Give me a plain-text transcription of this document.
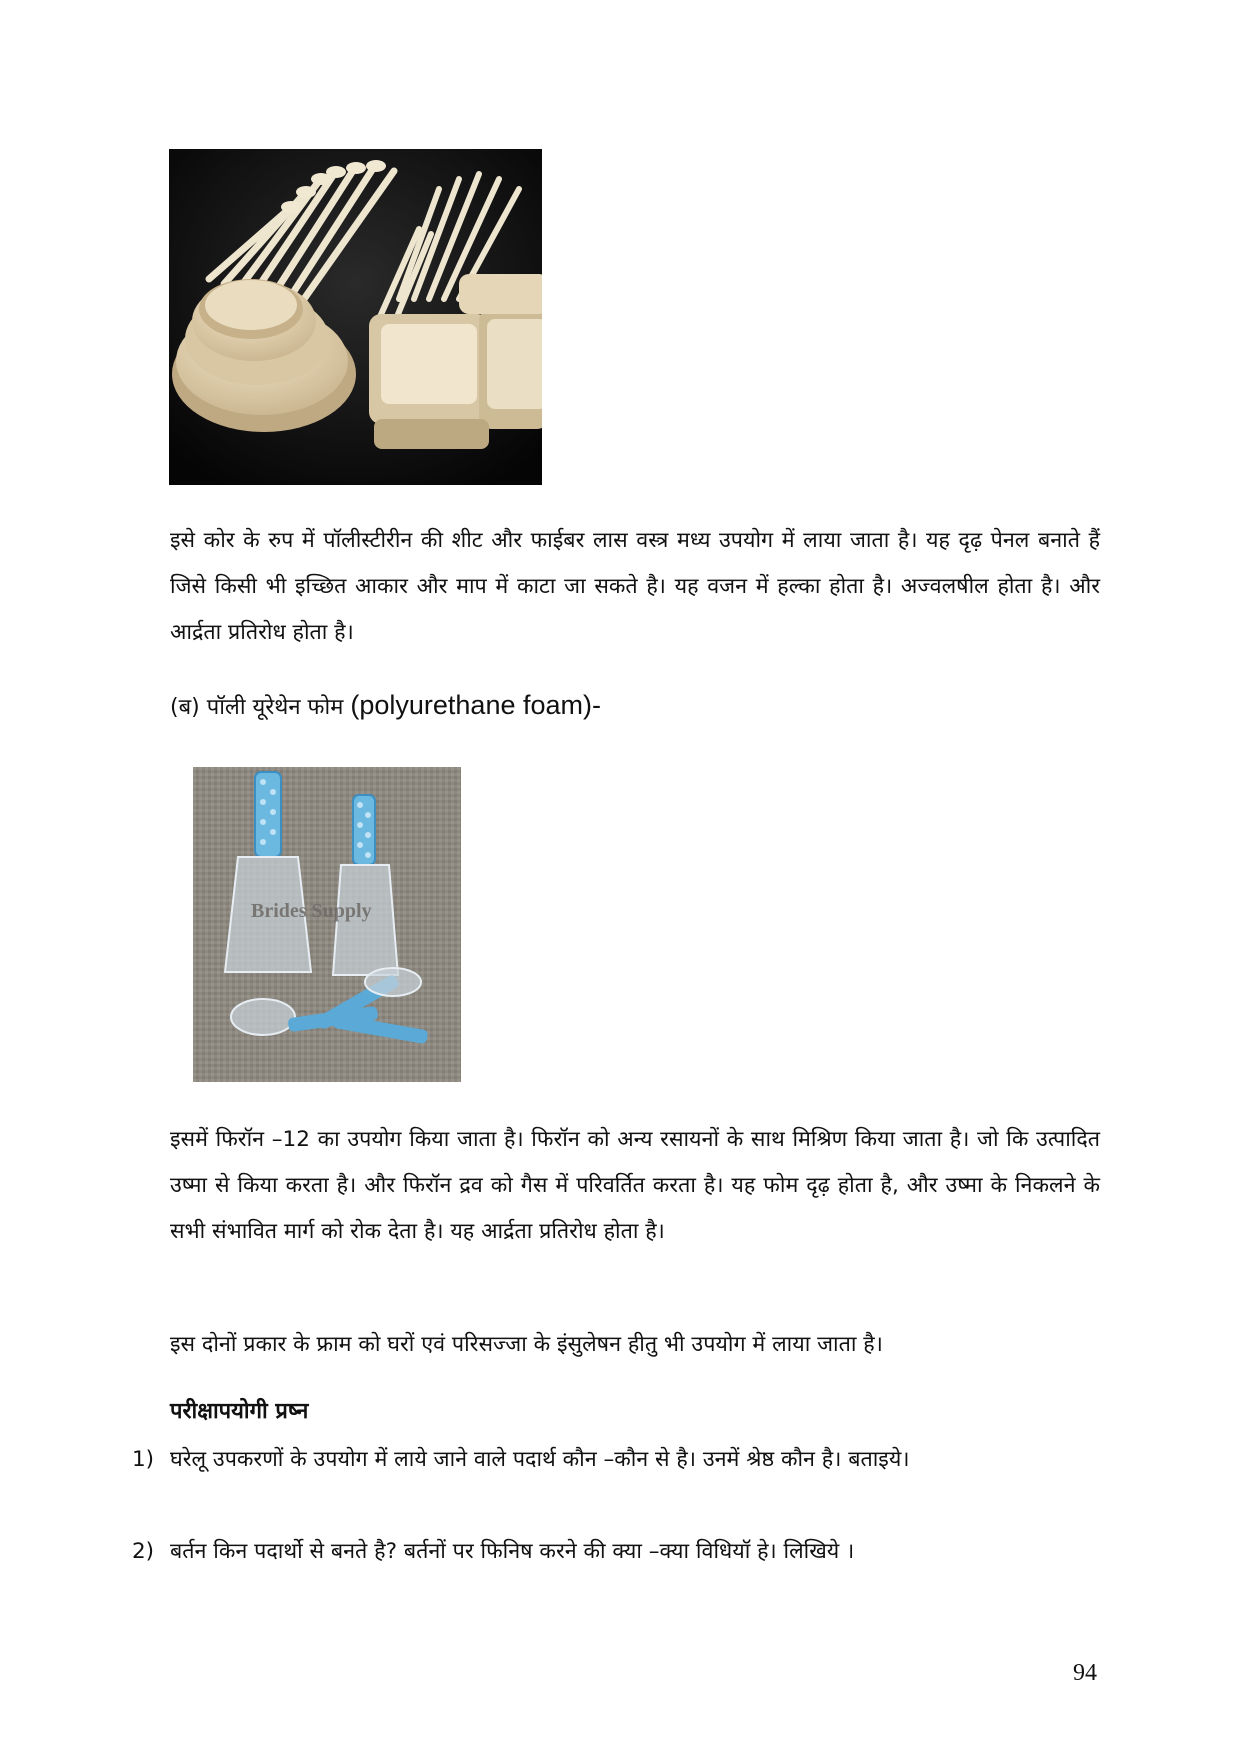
इसे कोर के रुप में पॉलीस्टीरीन की शीट और फाईबर लास वस्त्र मध्य उपयोग में लाया जाता है। यह दृढ़ पेनल बनाते हैं जिसे किसी भी इच्छित आकार और माप में काटा जा सकते है। यह वजन में हल्का होता है। अज्वलषील होता है। और आर्द्रता प्रतिरोध होता है।
(ब) पॉली यूरेथेन फोम (polyurethane foam)-
Brides Supply
इसमें फिरॉन –12 का उपयोग किया जाता है। फिरॉन को अन्य रसायनों के साथ मिश्रिण किया जाता है। जो कि उत्पादित उष्मा से किया करता है। और फिरॉन द्रव को गैस में परिवर्तित करता है। यह फोम दृढ़ होता है, और उष्मा के निकलने के सभी संभावित मार्ग को रोक देता है। यह आर्द्रता प्रतिरोध होता है।
इस दोनों प्रकार के फ्राम को घरों एवं परिसज्जा के इंसुलेषन हीतु भी उपयोग में लाया जाता है।
परीक्षापयोगी प्रष्न
1) घरेलू उपकरणों के उपयोग में लाये जाने वाले पदार्थ कौन –कौन से है। उनमें श्रेष्ठ कौन है। बताइये।
2) बर्तन किन पदार्थो से बनते है? बर्तनों पर फिनिष करने की क्या –क्या विधियॉ हे। लिखिये ।
94
